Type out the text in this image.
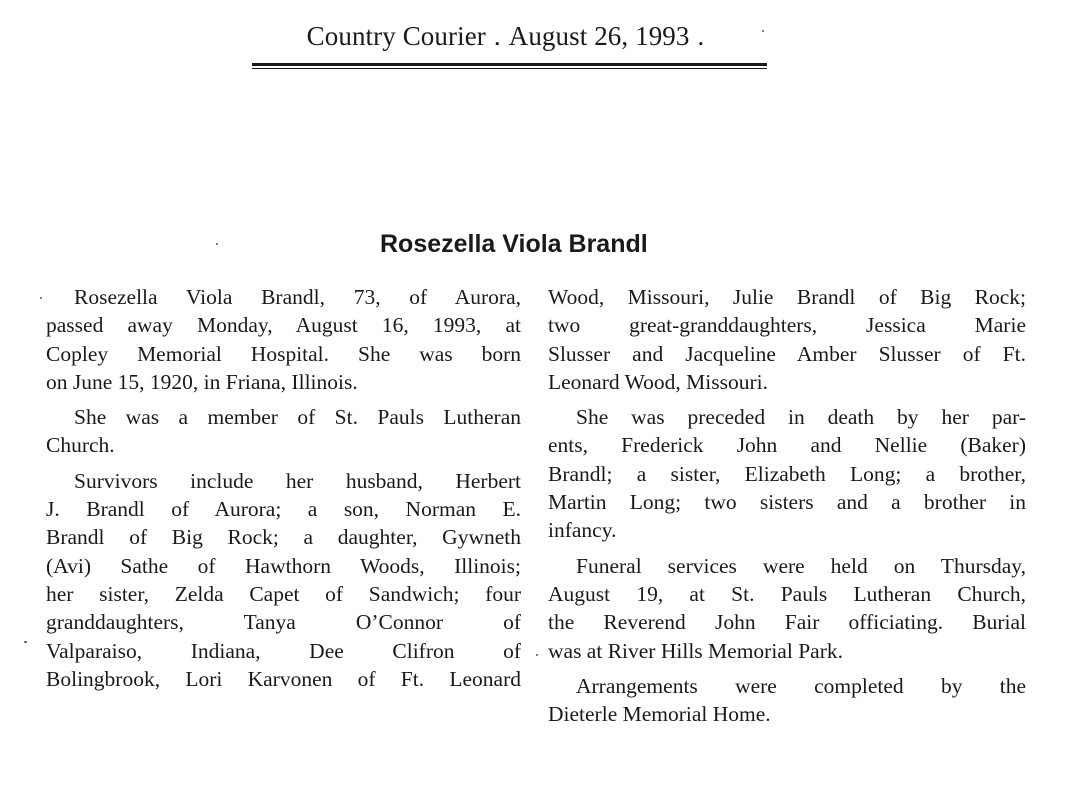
Country Courier . August 26, 1993 .
Rosezella Viola Brandl
Rosezella Viola Brandl, 73, of Aurora,
passed away Monday, August 16, 1993, at
Copley Memorial Hospital. She was born
on June 15, 1920, in Friana, Illinois.
She was a member of St. Pauls Lutheran
Church.
Survivors include her husband, Herbert
J. Brandl of Aurora; a son, Norman E.
Brandl of Big Rock; a daughter, Gywneth
(Avi) Sathe of Hawthorn Woods, Illinois;
her sister, Zelda Capet of Sandwich; four
granddaughters, Tanya O’Connor of
Valparaiso, Indiana, Dee Clifron of
Bolingbrook, Lori Karvonen of Ft. Leonard
Wood, Missouri, Julie Brandl of Big Rock;
two great-granddaughters, Jessica Marie
Slusser and Jacqueline Amber Slusser of Ft.
Leonard Wood, Missouri.
She was preceded in death by her par-
ents, Frederick John and Nellie (Baker)
Brandl; a sister, Elizabeth Long; a brother,
Martin Long; two sisters and a brother in
infancy.
Funeral services were held on Thursday,
August 19, at St. Pauls Lutheran Church,
the Reverend John Fair officiating. Burial
was at River Hills Memorial Park.
Arrangements were completed by the
Dieterle Memorial Home.
